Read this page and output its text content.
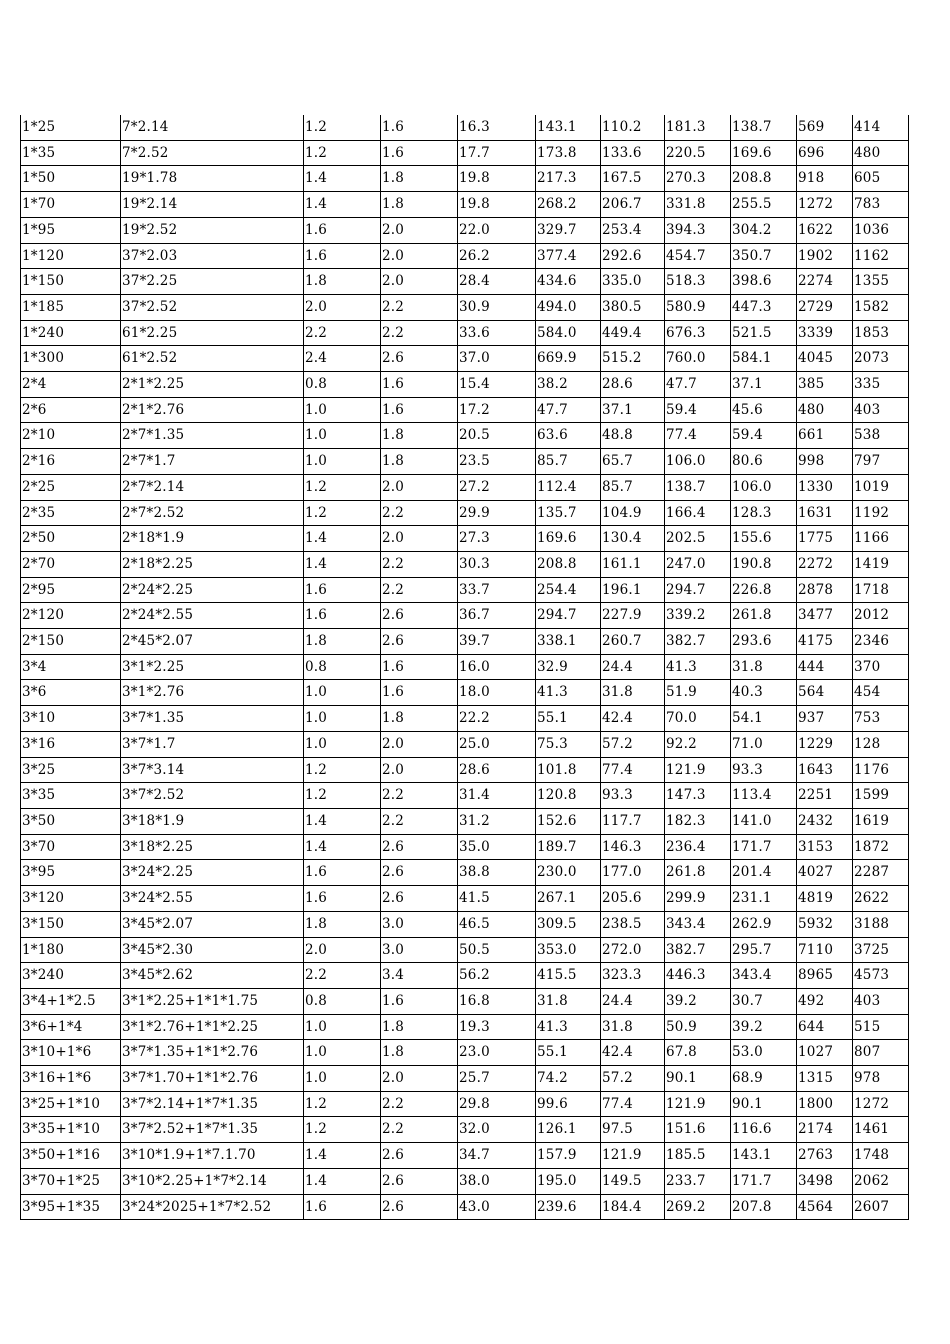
1*25	7*2.14	1.2	1.6	16.3	143.1	110.2	181.3	138.7	569	414
1*35	7*2.52	1.2	1.6	17.7	173.8	133.6	220.5	169.6	696	480
1*50	19*1.78	1.4	1.8	19.8	217.3	167.5	270.3	208.8	918	605
1*70	19*2.14	1.4	1.8	19.8	268.2	206.7	331.8	255.5	1272	783
1*95	19*2.52	1.6	2.0	22.0	329.7	253.4	394.3	304.2	1622	1036
1*120	37*2.03	1.6	2.0	26.2	377.4	292.6	454.7	350.7	1902	1162
1*150	37*2.25	1.8	2.0	28.4	434.6	335.0	518.3	398.6	2274	1355
1*185	37*2.52	2.0	2.2	30.9	494.0	380.5	580.9	447.3	2729	1582
1*240	61*2.25	2.2	2.2	33.6	584.0	449.4	676.3	521.5	3339	1853
1*300	61*2.52	2.4	2.6	37.0	669.9	515.2	760.0	584.1	4045	2073
2*4	2*1*2.25	0.8	1.6	15.4	38.2	28.6	47.7	37.1	385	335
2*6	2*1*2.76	1.0	1.6	17.2	47.7	37.1	59.4	45.6	480	403
2*10	2*7*1.35	1.0	1.8	20.5	63.6	48.8	77.4	59.4	661	538
2*16	2*7*1.7	1.0	1.8	23.5	85.7	65.7	106.0	80.6	998	797
2*25	2*7*2.14	1.2	2.0	27.2	112.4	85.7	138.7	106.0	1330	1019
2*35	2*7*2.52	1.2	2.2	29.9	135.7	104.9	166.4	128.3	1631	1192
2*50	2*18*1.9	1.4	2.0	27.3	169.6	130.4	202.5	155.6	1775	1166
2*70	2*18*2.25	1.4	2.2	30.3	208.8	161.1	247.0	190.8	2272	1419
2*95	2*24*2.25	1.6	2.2	33.7	254.4	196.1	294.7	226.8	2878	1718
2*120	2*24*2.55	1.6	2.6	36.7	294.7	227.9	339.2	261.8	3477	2012
2*150	2*45*2.07	1.8	2.6	39.7	338.1	260.7	382.7	293.6	4175	2346
3*4	3*1*2.25	0.8	1.6	16.0	32.9	24.4	41.3	31.8	444	370
3*6	3*1*2.76	1.0	1.6	18.0	41.3	31.8	51.9	40.3	564	454
3*10	3*7*1.35	1.0	1.8	22.2	55.1	42.4	70.0	54.1	937	753
3*16	3*7*1.7	1.0	2.0	25.0	75.3	57.2	92.2	71.0	1229	128
3*25	3*7*3.14	1.2	2.0	28.6	101.8	77.4	121.9	93.3	1643	1176
3*35	3*7*2.52	1.2	2.2	31.4	120.8	93.3	147.3	113.4	2251	1599
3*50	3*18*1.9	1.4	2.2	31.2	152.6	117.7	182.3	141.0	2432	1619
3*70	3*18*2.25	1.4	2.6	35.0	189.7	146.3	236.4	171.7	3153	1872
3*95	3*24*2.25	1.6	2.6	38.8	230.0	177.0	261.8	201.4	4027	2287
3*120	3*24*2.55	1.6	2.6	41.5	267.1	205.6	299.9	231.1	4819	2622
3*150	3*45*2.07	1.8	3.0	46.5	309.5	238.5	343.4	262.9	5932	3188
1*180	3*45*2.30	2.0	3.0	50.5	353.0	272.0	382.7	295.7	7110	3725
3*240	3*45*2.62	2.2	3.4	56.2	415.5	323.3	446.3	343.4	8965	4573
3*4+1*2.5	3*1*2.25+1*1*1.75	0.8	1.6	16.8	31.8	24.4	39.2	30.7	492	403
3*6+1*4	3*1*2.76+1*1*2.25	1.0	1.8	19.3	41.3	31.8	50.9	39.2	644	515
3*10+1*6	3*7*1.35+1*1*2.76	1.0	1.8	23.0	55.1	42.4	67.8	53.0	1027	807
3*16+1*6	3*7*1.70+1*1*2.76	1.0	2.0	25.7	74.2	57.2	90.1	68.9	1315	978
3*25+1*10	3*7*2.14+1*7*1.35	1.2	2.2	29.8	99.6	77.4	121.9	90.1	1800	1272
3*35+1*10	3*7*2.52+1*7*1.35	1.2	2.2	32.0	126.1	97.5	151.6	116.6	2174	1461
3*50+1*16	3*10*1.9+1*7.1.70	1.4	2.6	34.7	157.9	121.9	185.5	143.1	2763	1748
3*70+1*25	3*10*2.25+1*7*2.14	1.4	2.6	38.0	195.0	149.5	233.7	171.7	3498	2062
3*95+1*35	3*24*2025+1*7*2.52	1.6	2.6	43.0	239.6	184.4	269.2	207.8	4564	2607
